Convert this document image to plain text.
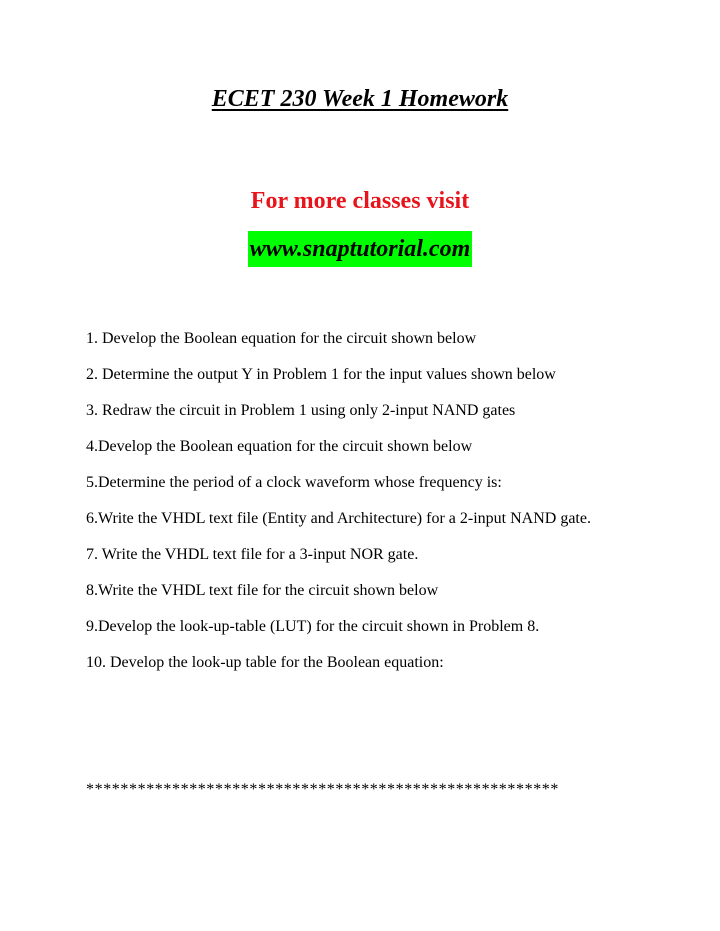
ECET 230 Week 1 Homework
For more classes visit
www.snaptutorial.com
1. Develop the Boolean equation for the circuit shown below
2. Determine the output Y in Problem 1 for the input values shown below
3. Redraw the circuit in Problem 1 using only 2-input NAND gates
4.Develop the Boolean equation for the circuit shown below
5.Determine the period of a clock waveform whose frequency is:
6.Write the VHDL text file (Entity and Architecture) for a 2-input NAND gate.
7. Write the VHDL text file for a 3-input NOR gate.
8.Write the VHDL text file for the circuit shown below
9.Develop the look-up-table (LUT) for the circuit shown in Problem 8.
10. Develop the look-up table for the Boolean equation:
*******************************************************
